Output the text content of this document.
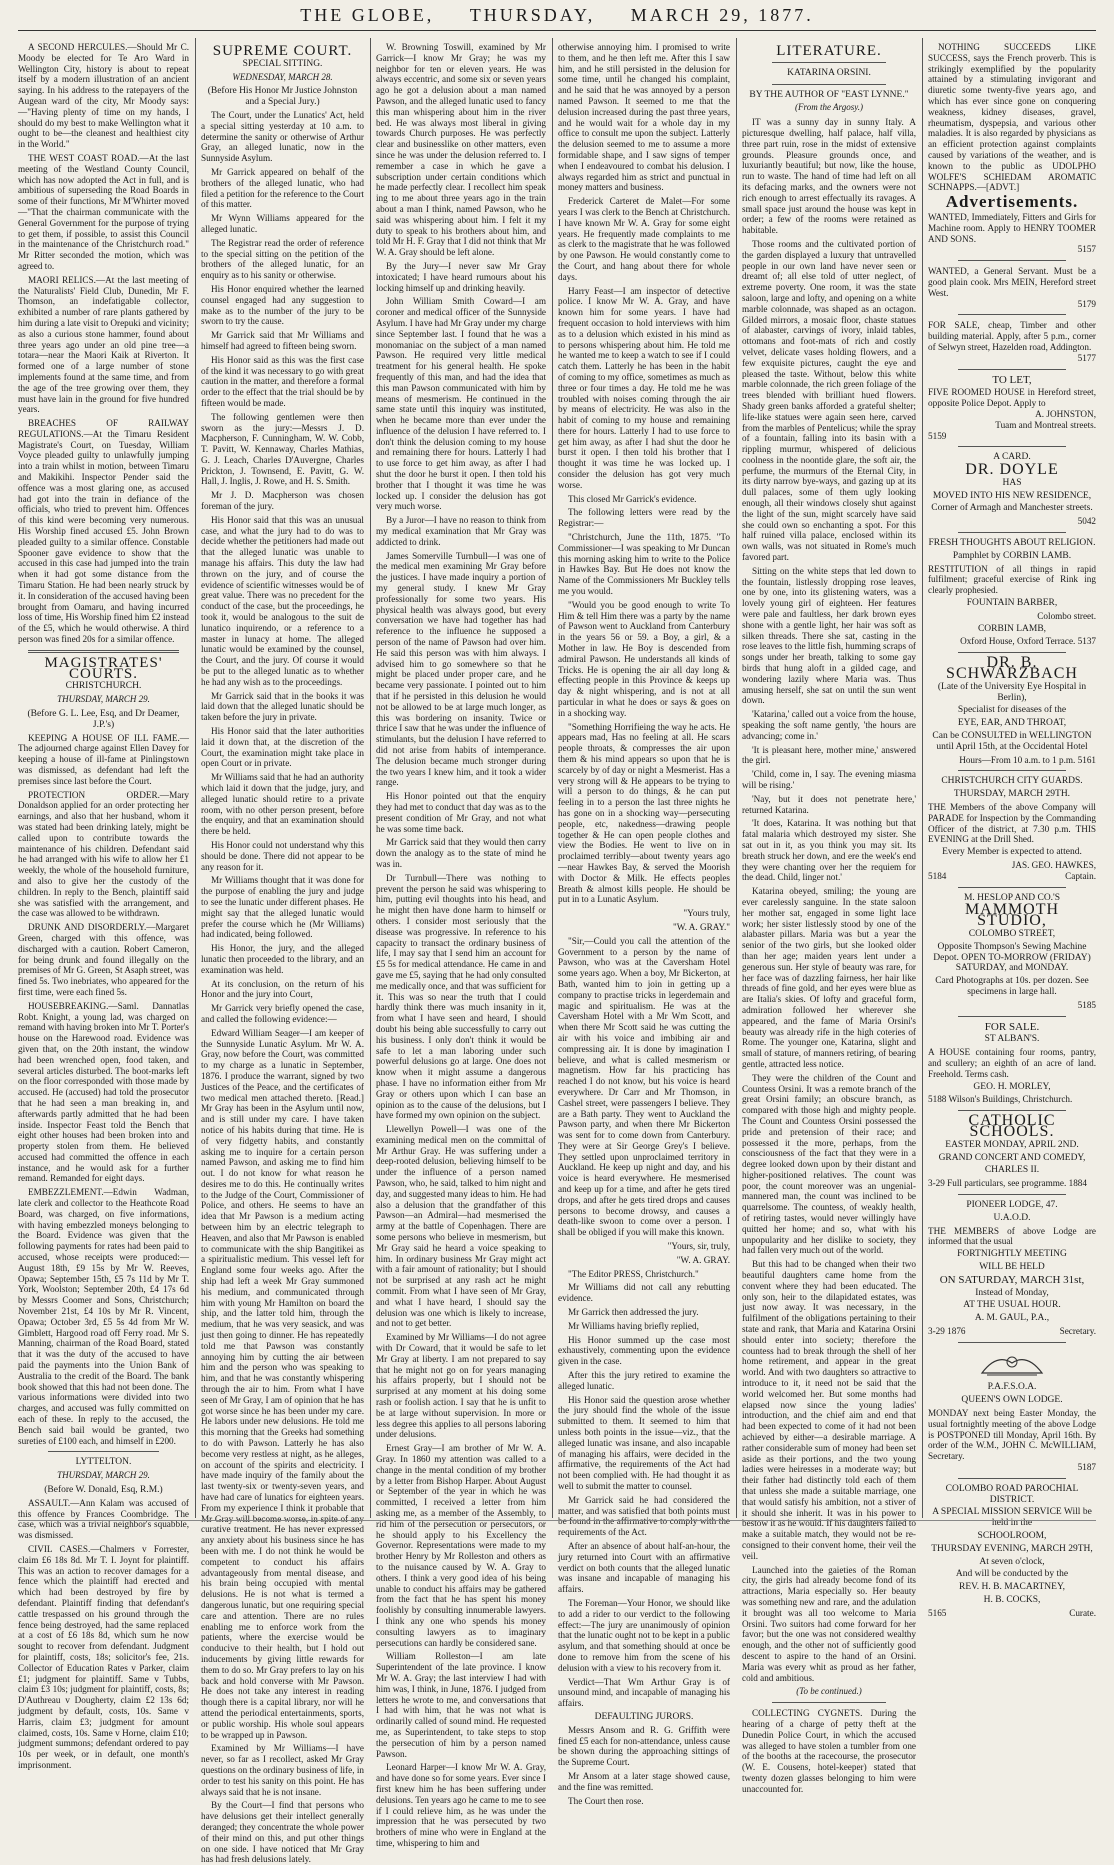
THE GLOBE, THURSDAY, MARCH 29, 1877.

A SECOND HERCULES.—Should Mr C. Moody be elected for Te Aro Ward in Wellington City, history is about to repeat itself by a modern illustration of an ancient saying. In his address to the ratepayers of the Augean ward of the city, Mr Moody says:—"Having plenty of time on my hands, I should do my best to make Wellington what it ought to be—the cleanest and healthiest city in the World."

THE WEST COAST ROAD.—At the last meeting of the Westland County Council, which has now adopted the Act in full, and is ambitious of superseding the Road Boards in some of their functions, Mr M'Whirter moved—"That the chairman communicate with the General Government for the purpose of trying to get them, if possible, to assist this Council in the maintenance of the Christchurch road." Mr Ritter seconded the motion, which was agreed to.

MAORI RELICS.—At the last meeting of the Naturalists' Field Club, Dunedin, Mr F. Thomson, an indefatigable collector, exhibited a number of rare plants gathered by him during a late visit to Orepuki and vicinity; as also a curious stone hammer, found about three years ago under an old pine tree—a totara—near the Maori Kaik at Riverton. It formed one of a large number of stone implements found at the same time, and from the age of the tree growing over them, they must have lain in the ground for five hundred years.

BREACHES OF RAILWAY REGULATIONS.—At the Timaru Resident Magistrate's Court, on Tuesday, William Voyce pleaded guilty to unlawfully jumping into a train whilst in motion, between Timaru and Makikihi. Inspector Pender said the offence was a most glaring one, as accused had got into the train in defiance of the officials, who tried to prevent him. Offences of this kind were becoming very numerous. His Worship fined accused £5. John Brown pleaded guilty to a similar offence. Constable Spooner gave evidence to show that the accused in this case had jumped into the train when it had got some distance from the Timaru Station. He had been nearly struck by it. In consideration of the accused having been brought from Oamaru, and having incurred loss of time, His Worship fined him £2 instead of the £5, which he would otherwise. A third person was fined 20s for a similar offence.

MAGISTRATES' COURTS.
CHRISTCHURCH.
THURSDAY, MARCH 29.
(Before G. L. Lee, Esq, and Dr Deamer, J.P.'s)

KEEPING A HOUSE OF ILL FAME.—The adjourned charge against Ellen Davey for keeping a house of ill-fame at Pinlingstown was dismissed, as defendant had left the premises since last before the Court.

PROTECTION ORDER.—Mary Donaldson applied for an order protecting her earnings, and also that her husband, whom it was stated had been drinking lately, might be called upon to contribute towards the maintenance of his children. Defendant said he had arranged with his wife to allow her £1 weekly, the whole of the household furniture, and also to give her the custody of the children. In reply to the Bench, plaintiff said she was satisfied with the arrangement, and the case was allowed to be withdrawn.

DRUNK AND DISORDERLY.—Margaret Green, charged with this offence, was discharged with a caution. Robert Cameron, for being drunk and found illegally on the premises of Mr G. Green, St Asaph street, was fined 5s. Two inebriates, who appeared for the first time, were each fined 5s.

HOUSEBREAKING.—Saml. Dannatlas Robt. Knight, a young lad, was charged on remand with having broken into Mr T. Porter's house on the Harewood road. Evidence was given that, on the 20th instant, the window had been wrenched open, food taken, and several articles disturbed. The boot-marks left on the floor corresponded with those made by accused. He (accused) had told the prosecutor that he had seen a man breaking in, and afterwards partly admitted that he had been inside. Inspector Feast told the Bench that eight other houses had been broken into and property stolen from them. He believed accused had committed the offence in each instance, and he would ask for a further remand. Remanded for eight days.

EMBEZZLEMENT.—Edwin Wadman, late clerk and collector to the Heathcote Road Board, was charged, on five informations, with having embezzled moneys belonging to the Board. Evidence was given that the following payments for rates had been paid to accused, whose receipts were produced:—August 18th, £9 15s by Mr W. Reeves, Opawa; September 15th, £5 7s 11d by Mr T. York, Woolston; September 20th, £4 17s 6d by Messrs Coomer and Sons, Christchurch; November 21st, £4 10s by Mr R. Vincent, Opawa; October 3rd, £5 5s 4d from Mr W. Gimblett, Hargood road off Ferry road. Mr S. Manning, chairman of the Road Board, stated that it was the duty of the accused to have paid the payments into the Union Bank of Australia to the credit of the Board. The bank book showed that this had not been done. The various informations were divided into two charges, and accused was fully committed on each of these. In reply to the accused, the Bench said bail would be granted, two sureties of £100 each, and himself in £200.

LYTTELTON.
THURSDAY, MARCH 29.
(Before W. Donald, Esq, R.M.)

ASSAULT.—Ann Kalam was accused of this offence by Frances Coombridge. The case, which was a trivial neighbor's squabble, was dismissed.

CIVIL CASES.—Chalmers v Forrester, claim £6 18s 8d. Mr T. I. Joynt for plaintiff. This was an action to recover damages for a fence which the plaintiff had erected and which had been destroyed by fire by defendant. Plaintiff finding that defendant's cattle trespassed on his ground through the fence being destroyed, had the same replaced at a cost of £6 18s 8d, which sum he now sought to recover from defendant. Judgment for plaintiff, costs, 18s; solicitor's fee, 21s. Collector of Education Rates v Parker, claim £1; judgment for plaintiff. Same v Tubbs, claim £3 10s; judgment for plaintiff, costs, 8s; D'Authreau v Dougherty, claim £2 13s 6d; judgment by default, costs, 10s. Same v Harris, claim £3; judgment for amount claimed, costs, 10s. Same v Horne, claim £10; judgment summons; defendant ordered to pay 10s per week, or in default, one month's imprisonment.

SUPREME COURT.
SPECIAL SITTING.
WEDNESDAY, MARCH 28.
(Before His Honor Mr Justice Johnston and a Special Jury.)

The Court, under the Lunatics' Act, held a special sitting yesterday at 10 a.m. to determine the sanity or otherwise of Arthur Gray, an alleged lunatic, now in the Sunnyside Asylum.

Mr Garrick appeared on behalf of the brothers of the alleged lunatic, who had filed a petition for the reference to the Court of this matter.

Mr Wynn Williams appeared for the alleged lunatic.

The Registrar read the order of reference to the special sitting on the petition of the brothers of the alleged lunatic, for an enquiry as to his sanity or otherwise.

His Honor enquired whether the learned counsel engaged had any suggestion to make as to the number of the jury to be sworn to try the cause.

Mr Garrick said that Mr Williams and himself had agreed to fifteen being sworn.

His Honor said as this was the first case of the kind it was necessary to go with great caution in the matter, and therefore a formal order to the effect that the trial should be by fifteen would be made.

The following gentlemen were then sworn as the jury:—Messrs J. D. Macpherson, F. Cunningham, W. W. Cobb, T. Pavitt, W. Kennaway, Charles Mathias, G. J. Leach, Charles D'Auvergne, Charles Prickton, J. Townsend, E. Pavitt, G. W. Hall, J. Inglis, J. Rowe, and H. S. Smith.

Mr J. D. Macpherson was chosen foreman of the jury.

His Honor said that this was an unusual case, and what the jury had to do was to decide whether the petitioners had made out that the alleged lunatic was unable to manage his affairs. This duty the law had thrown on the jury, and of course the evidence of scientific witnesses would be of great value. There was no precedent for the conduct of the case, but the proceedings, he took it, would be analogous to the suit de lunatico inquirendo, or a reference to a master in lunacy at home. The alleged lunatic would be examined by the counsel, the Court, and the jury. Of course it would be put to the alleged lunatic as to whether he had any wish as to the proceedings.

Mr Garrick said that in the books it was laid down that the alleged lunatic should be taken before the jury in private.

His Honor said that the later authorities laid it down that, at the discretion of the Court, the examination might take place in open Court or in private.

Mr Williams said that he had an authority which laid it down that the judge, jury, and alleged lunatic should retire to a private room, with no other person present, before the enquiry, and that an examination should there be held.

His Honor could not understand why this should be done. There did not appear to be any reason for it.

Mr Williams thought that it was done for the purpose of enabling the jury and judge to see the lunatic under different phases. He might say that the alleged lunatic would prefer the course which he (Mr Williams) had indicated, being followed.

His Honor, the jury, and the alleged lunatic then proceeded to the library, and an examination was held.

At its conclusion, on the return of his Honor and the jury into Court,

Mr Garrick very briefly opened the case, and called the following evidence:—

Edward William Seager—I am keeper of the Sunnyside Lunatic Asylum. Mr W. A. Gray, now before the Court, was committed to my charge as a lunatic in September, 1876. I produce the warrant, signed by two Justices of the Peace, and the certificates of two medical men attached thereto. [Read.] Mr Gray has been in the Asylum until now, and is still under my care. I have taken notice of his habits during that time. He is of very fidgetty habits, and constantly asking me to inquire for a certain person named Pawson, and asking me to find him out. I do not know for what reason he desires me to do this. He continually writes to the Judge of the Court, Commissioner of Police, and others. He seems to have an idea that Mr Pawson is a medium acting between him by an electric telegraph to Heaven, and also that Mr Pawson is enabled to communicate with the ship Bangitikei as a spiritualistic medium. This vessel left for England some four weeks ago. After the ship had left a week Mr Gray summoned his medium, and communicated through him with young Mr Hamilton on board the ship, and the latter told him, through the medium, that he was very seasick, and was just then going to dinner. He has repeatedly told me that Pawson was constantly annoying him by cutting the air between him and the person who was speaking to him, and that he was constantly whispering through the air to him. From what I have seen of Mr Gray, I am of opinion that he has got worse since he has been under my care. He labors under new delusions. He told me this morning that the Greeks had something to do with Pawson. Latterly he has also become very restless at night, as he alleges, on account of the spirits and electricity. I have made inquiry of the family about the last twenty-six or twenty-seven years, and have had care of lunatics for eighteen years. From my experience I think it probable that Mr Gray will become worse, in spite of any curative treatment. He has never expressed any anxiety about his business since he has been with me. I do not think he would be competent to conduct his affairs advantageously from mental disease, and his brain being occupied with mental delusions. He is not what is termed a dangerous lunatic, but one requiring special care and attention. There are no rules enabling me to enforce work from the patients, where the exercise would be conducive to their health, but I hold out inducements by giving little rewards for them to do so. Mr Gray prefers to lay on his back and hold converse with Mr Pawson. He does not take any interest in reading though there is a capital library, nor will he attend the periodical entertainments, sports, or public worship. His whole soul appears to be wrapped up in Pawson.

Examined by Mr Williams—I have never, so far as I recollect, asked Mr Gray questions on the ordinary business of life, in order to test his sanity on this point. He has always said that he is not insane.

By the Court—I find that persons who have delusions get their intellect generally deranged; they concentrate the whole power of their mind on this, and put other things on one side. I have noticed that Mr Gray has had fresh delusions lately.

W. Browning Toswill, examined by Mr Garrick—I know Mr Gray; he was my neighbor for ten or eleven years. He was always eccentric, and some six or seven years ago he got a delusion about a man named Pawson, and the alleged lunatic used to fancy this man whispering about him in the river bed. He was always most liberal in giving towards Church purposes. He was perfectly clear and businesslike on other matters, even since he was under the delusion referred to. I remember a case in which he gave a subscription under certain conditions which he made perfectly clear. I recollect him speak ing to me about three years ago in the train about a man I think, named Pawson, who he said was whispering about him. I felt it my duty to speak to his brothers about him, and told Mr H. F. Gray that I did not think that Mr W. A. Gray should be left alone.

By the Jury—I never saw Mr Gray intoxicated; I have heard rumours about his locking himself up and drinking heavily.

John William Smith Coward—I am coroner and medical officer of the Sunnyside Asylum. I have had Mr Gray under my charge since September last. I found that he was a monomaniac on the subject of a man named Pawson. He required very little medical treatment for his general health. He spoke frequently of this man, and had the idea that this man Pawson communicated with him by means of mesmerism. He continued in the same state until this inquiry was instituted, when he became more than ever under the influence of the delusion I have referred to. I don't think the delusion coming to my house and remaining there for hours. Latterly I had to use force to get him away, as after I had shut the door he burst it open. I then told his brother that I thought it was time he was locked up. I consider the delusion has got very much worse.

By a Juror—I have no reason to think from my medical examination that Mr Gray was addicted to drink.

James Somerville Turnbull—I was one of the medical men examining Mr Gray before the justices. I have made inquiry a portion of my general study. I knew Mr Gray professionally for some two years. His physical health was always good, but every conversation we have had together has had reference to the influence he supposed a person of the name of Pawson had over him. He said this person was with him always. I advised him to go somewhere so that he might be placed under proper care, and he became very passionate. I pointed out to him that if he persisted in this delusion he would not be allowed to be at large much longer, as this was bordering on insanity. Twice or thrice I saw that he was under the influence of stimulants, but the delusion I have referred to did not arise from habits of intemperance. The delusion became much stronger during the two years I knew him, and it took a wider range.

His Honor pointed out that the enquiry they had met to conduct that day was as to the present condition of Mr Gray, and not what he was some time back.

Mr Garrick said that they would then carry down the analogy as to the state of mind he was in.

Dr Turnbull—There was nothing to prevent the person he said was whispering to him, putting evil thoughts into his head, and he might then have done harm to himself or others. I consider most seriously that the disease was progressive. In reference to his capacity to transact the ordinary business of life, I may say that I send him an account for £5 5s for medical attendance. He came in and gave me £5, saying that he had only consulted me medically once, and that was sufficient for it. This was so near the truth that I could hardly think there was much insanity in it, from what I have seen and heard, I should doubt his being able successfully to carry out his business. I only don't think it would be safe to let a man laboring under such powerful delusions go at large. One does not know when it might assume a dangerous phase. I have no information either from Mr Gray or others upon which I can base an opinion as to the cause of the delusions, but I have formed my own opinion on the subject.

Llewellyn Powell—I was one of the examining medical men on the committal of Mr Arthur Gray. He was suffering under a deep-rooted delusion, believing himself to be under the influence of a person named Pawson, who, he said, talked to him night and day, and suggested many ideas to him. He had also a delusion that the grandfather of this Pawson—an Admiral—had mesmerised the army at the battle of Copenhagen. There are some persons who believe in mesmerism, but Mr Gray said he heard a voice speaking to him. In ordinary business Mr Gray might act with a fair amount of rationality; but I should not be surprised at any rash act he might commit. From what I have seen of Mr Gray, and what I have heard, I should say the delusion was one which is likely to increase, and not to get better.

Examined by Mr Williams—I do not agree with Dr Coward, that it would be safe to let Mr Gray at liberty. I am not prepared to say that he might not go on for years managing his affairs properly, but I should not be surprised at any moment at his doing some rash or foolish action. I say that he is unfit to be at large without supervision. In more or less degree this applies to all persons laboring under delusions.

Ernest Gray—I am brother of Mr W. A. Gray. In 1860 my attention was called to a change in the mental condition of my brother by a letter from Bishop Harper. About August or September of the year in which he was committed, I received a letter from him asking me, as a member of the Assembly, to rid him of the persecution or persecutors, or he should apply to his Excellency the Governor. Representations were made to my brother Henry by Mr Rolleston and others as to the nuisance caused by W. A. Gray to others. I think a very good idea of his being unable to conduct his affairs may be gathered from the fact that he has spent his money foolishly by consulting innumerable lawyers. I think any one who spends his money consulting lawyers as to imaginary persecutions can hardly be considered sane.

William Rolleston—I am late Superintendent of the late province. I know Mr W. A. Gray; the last interview I had with him was, I think, in June, 1876. I judged from letters he wrote to me, and conversations that I had with him, that he was not what is ordinarily called of sound mind. He requested me, as Superintendent, to take steps to stop the persecution of him by a person named Pawson.

Leonard Harper—I know Mr W. A. Gray, and have done so for some years. Ever since I first knew him he has been suffering under delusions. Ten years ago he came to me to see if I could relieve him, as he was under the impression that he was persecuted by two brothers of mine who were in England at the time, whispering to him and

otherwise annoying him. I promised to write to them, and he then left me. After this I saw him, and he still persisted in the delusion for some time, until he changed his complaint, and he said that he was annoyed by a person named Pawson. It seemed to me that the delusion increased during the past three years, and he would wait for a whole day in my office to consult me upon the subject. Latterly the delusion seemed to me to assume a more formidable shape, and I saw signs of temper when I endeavoured to combat his delusion. I always regarded him as strict and punctual in money matters and business.

Frederick Carteret de Malet—For some years I was clerk to the Bench at Christchurch. I have known Mr W. A. Gray for some eight years. He frequently made complaints to me as clerk to the magistrate that he was followed by one Pawson. He would constantly come to the Court, and hang about there for whole days.

Harry Feast—I am inspector of detective police. I know Mr W. A. Gray, and have known him for some years. I have had frequent occasion to hold interviews with him as to a delusion which existed in his mind as to persons whispering about him. He told me he wanted me to keep a watch to see if I could catch them. Latterly he has been in the habit of coming to my office, sometimes as much as three or four times a day. He told me he was troubled with noises coming through the air by means of electricity. He was also in the habit of coming to my house and remaining there for hours. Latterly I had to use force to get him away, as after I had shut the door he burst it open. I then told his brother that I thought it was time he was locked up. I consider the delusion has got very much worse.

This closed Mr Garrick's evidence.

The following letters were read by the Registrar:—

"Christchurch, June the 11th, 1875. "To Commissioner—I was speaking to Mr Duncan this morning asking him to write to the Police in Hawkes Bay. But He does not know the Name of the Commissioners Mr Buckley tells me you would.

"Would you be good enough to write To Him & tell Him there was a party by the name of Pawson went to Auckland from Canterbury in the years 56 or 59. a Boy, a girl, & a Mother in law. He Boy is descended from admiral Pawson. He understands all kinds of Tricks. He is opening the air all day long & effecting people in this Province & keeps up day & night whispering, and is not at all particular in what he does or says & goes on in a shocking way.

"Something Horrifieing the way he acts. He appears mad, Has no feeling at all. He scars people throats, & compresses the air upon them & his mind appears so upon that he is scarcely by of day or night a Mesmerist. Has a very strong will & He appears to be trying to will a person to do things, & he can put feeling in to a person the last three nights he has gone on in a shocking way—persecuting people, etc, nakedness—drawing people together & He can open people clothes and view the Bodies. He went to live on in proclaimed terribly—about twenty years ago—near Hawkes Bay, & served the Moorish with Doctor & Milk. He effects peoples Breath & almost kills people. He should be put in to a Lunatic Asylum.

"Yours truly,

"W. A. GRAY."

"Sir,—Could you call the attention of the Government to a person by the name of Pawson, who was at the Caversham Hotel some years ago. When a boy, Mr Bickerton, at Bath, wanted him to join in getting up a company to practise tricks in legerdemain and magic and spiritualism. He was at the Caversham Hotel with a Mr Wm Scott, and when there Mr Scott said he was cutting the air with his voice and imbibing air and compressing air. It is done by imagination I believe, and what is called mesmerism or magnetism. How far his practicing has reached I do not know, but his voice is heard everywhere. Dr Carr and Mr Thomson, in Cashel street, were passengers I believe. They are a Bath party. They went to Auckland the Pawson party, and when there Mr Bickerton was sent for to come down from Canterbury. They were at Sir George Grey's I believe. They settled upon unproclaimed territory in Auckland. He keep up night and day, and his voice is heard everywhere. He mesmerised and keep up for a time, and after he gets tired drops, and after he gets tired drops and causes persons to become drowsy, and causes a death-like swoon to come over a person. I shall be obliged if you will make this known.

"Yours, sir, truly,

"W. A. GRAY.

"The Editor PRESS, Christchurch."

Mr Williams did not call any rebutting evidence.

Mr Garrick then addressed the jury.

Mr Williams having briefly replied,

His Honor summed up the case most exhaustively, commenting upon the evidence given in the case.

After this the jury retired to examine the alleged lunatic.

His Honor said the question arose whether the jury should find the whole of the issue submitted to them. It seemed to him that unless both points in the issue—viz., that the alleged lunatic was insane, and also incapable of managing his affairs, were decided in the affirmative, the requirements of the Act had not been complied with. He had thought it as well to submit the matter to counsel.

Mr Garrick said he had considered the matter, and was satisfied that both points must be found in the affirmative to comply with the requirements of the Act.

After an absence of about half-an-hour, the jury returned into Court with an affirmative verdict on both counts that the alleged lunatic was insane and incapable of managing his affairs.

The Foreman—Your Honor, we should like to add a rider to our verdict to the following effect:—The jury are unanimously of opinion that the lunatic ought not to be kept in a public asylum, and that something should at once be done to remove him from the scene of his delusion with a view to his recovery from it.

Verdict—That Wm Arthur Gray is of unsound mind, and incapable of managing his affairs.

DEFAULTING JURORS.

Messrs Ansom and R. G. Griffith were fined £5 each for non-attendance, unless cause be shown during the approaching sittings of the Supreme Court.

Mr Ansom at a later stage showed cause, and the fine was remitted.

The Court then rose.

LITERATURE.
KATARINA ORSINI.
BY THE AUTHOR OF "EAST LYNNE."
(From the Argosy.)

IT was a sunny day in sunny Italy. A picturesque dwelling, half palace, half villa, three part ruin, rose in the midst of extensive grounds. Pleasure grounds once, and luxuriantly beautiful; but now, like the house, run to waste. The hand of time had left on all its defacing marks, and the owners were not rich enough to arrest effectually its ravages. A small space just around the house was kept in order; a few of the rooms were retained as habitable.

Those rooms and the cultivated portion of the garden displayed a luxury that untravelled people in our own land have never seen or dreamt of; all else told of utter neglect, of extreme poverty. One room, it was the state saloon, large and lofty, and opening on a white marble colonnade, was shaped as an octagon. Gilded mirrors, a mosaic floor, chaste statues of alabaster, carvings of ivory, inlaid tables, ottomans and foot-mats of rich and costly velvet, delicate vases holding flowers, and a few exquisite pictures, caught the eye and pleased the taste. Without, below this white marble colonnade, the rich green foliage of the trees blended with brilliant hued flowers. Shady green banks afforded a grateful shelter; life-like statues were again seen here, carved from the marbles of Pentelicus; while the spray of a fountain, falling into its basin with a rippling murmur, whispered of delicious coolness in the noontide glare, the soft air, the perfume, the murmurs of the Eternal City, in its dirty narrow bye-ways, and gazing up at its dull palaces, some of them ugly looking enough, all their windows closely shut against the light of the sun, might scarcely have said she could own so enchanting a spot. For this half ruined villa palace, enclosed within its own walls, was not situated in Rome's much favored part.

Sitting on the white steps that led down to the fountain, listlessly dropping rose leaves, one by one, into its glistening waters, was a lovely young girl of eighteen. Her features were pale and faultless, her dark brown eyes shone with a gentle light, her hair was soft as silken threads. There she sat, casting in the rose leaves to the little fish, humming scraps of songs under her breath, talking to some gay birds that hung aloft in a gilded cage, and wondering lazily where Maria was. Thus amusing herself, she sat on until the sun went down.

'Katarina,' called out a voice from the house, speaking the soft name gently, 'the hours are advancing; come in.'

'It is pleasant here, mother mine,' answered the girl.

'Child, come in, I say. The evening miasma will be rising.'

'Nay, but it does not penetrate here,' returned Katarina.

'It does, Katarina. It was nothing but that fatal malaria which destroyed my sister. She sat out in it, as you think you may sit. Its breath struck her down, and ere the week's end they were chanting over her the requiem for the dead. Child, linger not.'

Katarina obeyed, smiling; the young are ever carelessly sanguine. In the state saloon her mother sat, engaged in some light lace work; her sister listlessly stood by one of the alabaster pillars. Maria was but a year the senior of the two girls, but she looked older than her age; maiden years lent under a generous sun. Her style of beauty was rare, for her face was of dazzling fairness, her hair like threads of fine gold, and her eyes were blue as are Italia's skies. Of lofty and graceful form, admiration followed her wherever she appeared, and the fame of Maria Orsini's beauty was already rife in the high coteries of Rome. The younger one, Katarina, slight and small of stature, of manners retiring, of bearing gentle, attracted less notice.

They were the children of the Count and Countess Orsini. It was a remote branch of the great Orsini family; an obscure branch, as compared with those high and mighty people. The Count and Countess Orsini possessed the pride and pretension of their race; and possessed it the more, perhaps, from the consciousness of the fact that they were in a degree looked down upon by their distant and higher-positioned relatives. The count was poor, the count moreover was an ungenial-mannered man, the count was inclined to be quarrelsome. The countess, of weakly health, of retiring tastes, would never willingly have quitted her home; and so, what with his unpopularity and her dislike to society, they had fallen very much out of the world.

But this had to be changed when their two beautiful daughters came home from the convent where they had been educated. The only son, heir to the dilapidated estates, was just now away. It was necessary, in the fulfilment of the obligations pertaining to their state and rank, that Maria and Katarina Orsini should enter into society; therefore the countess had to break through the shell of her home retirement, and appear in the great world. And with two daughters so attractive to introduce to it, it need not be said that the world welcomed her. But some months had elapsed now since the young ladies' introduction, and the chief aim and end that had been expected to come of it had not been achieved by either—a desirable marriage. A rather considerable sum of money had been set aside as their portions, and the two young ladies were heiresses in a moderate way; but their father had distinctly told each of them that unless she made a suitable marriage, one that would satisfy his ambition, not a stiver of it should she inherit. It was in his power to bestow it as he would. If his daughters failed to make a suitable match, they would not be re-consigned to their convent home, their veil the veil.

Launched into the gaieties of the Roman city, the girls had already become fond of its attractions, Maria especially so. Her beauty was something new and rare, and the adulation it brought was all too welcome to Maria Orsini. Two suitors had come forward for her favor; but the one was not considered wealthy enough, and the other not of sufficiently good descent to aspire to the hand of an Orsini. Maria was every whit as proud as her father, cold and ambitious.

(To be continued.)

COLLECTING CYGNETS. During the hearing of a charge of petty theft at the Dunedin Police Court, in which the accused was alleged to have stolen a tumbler from one of the booths at the racecourse, the prosecutor (W. E. Cousens, hotel-keeper) stated that twenty dozen glasses belonging to him were unaccounted for.

NOTHING SUCCEEDS LIKE SUCCESS, says the French proverb. This is strikingly exemplified by the popularity attained by a stimulating invigorant and diuretic some twenty-five years ago, and which has ever since gone on conquering weakness, kidney diseases, gravel, rheumatism, dyspepsia, and various other maladies. It is also regarded by physicians as an efficient protection against complaints caused by variations of the weather, and is known to the public as UDOLPHO WOLFE'S SCHIEDAM AROMATIC SCHNAPPS.—[ADVT.]

Advertisements.
WANTED, Immediately, Fitters and Girls for Machine room. Apply to HENRY TOOMER AND SONS.
5157
WANTED, a General Servant. Must be a good plain cook. Mrs MEIN, Hereford street West.
5179
FOR SALE, cheap, Timber and other building material. Apply, after 5 p.m., corner of Selwyn street, Hazelden road, Addington.
5177
TO LET,
FIVE ROOMED HOUSE in Hereford street, opposite Police Depot. Apply to
A. JOHNSTON,
Tuam and Montreal streets.
5159
A CARD.
DR. DOYLE
HAS
MOVED INTO HIS NEW RESIDENCE,
Corner of Armagh and Manchester streets.
5042
FRESH THOUGHTS ABOUT RELIGION.
Pamphlet by CORBIN LAMB.
RESTITUTION of all things in rapid fulfilment; graceful exercise of Rink ing clearly prophesied.
FOUNTAIN BARBER,
Colombo street.
CORBIN LAMB,
Oxford House, Oxford Terrace. 5137
DR. B. SCHWARZBACH
(Late of the University Eye Hospital in Berlin),
Specialist for diseases of the
EYE, EAR, AND THROAT,
Can be CONSULTED in WELLINGTON until April 15th, at the Occidental Hotel
Hours—From 10 a.m. to 1 p.m. 5161
CHRISTCHURCH CITY GUARDS.
THURSDAY, MARCH 29TH.
THE Members of the above Company will PARADE for Inspection by the Commanding Officer of the district, at 7.30 p.m. THIS EVENING at the Drill Shed.
Every Member is expected to attend.
JAS. GEO. HAWKES,
5184	Captain.
M. HESLOP AND CO.'S
MAMMOTH STUDIO,
COLOMBO STREET,
Opposite Thompson's Sewing Machine Depot. OPEN TO-MORROW (FRIDAY) SATURDAY, and MONDAY.
Card Photographs at 10s. per dozen. See specimens in large hall.
5185
FOR SALE.
ST ALBAN'S.
A HOUSE containing four rooms, pantry, and scullery; an eighth of an acre of land. Freehold. Terms cash.
GEO. H. MORLEY,
5188 Wilson's Buildings, Christchurch.
CATHOLIC SCHOOLS.
EASTER MONDAY, APRIL 2ND.
GRAND CONCERT AND COMEDY,
CHARLES II.
3-29 Full particulars, see programme. 1884
PIONEER LODGE, 47.
U.A.O.D.
THE MEMBERS of above Lodge are informed that the usual
FORTNIGHTLY MEETING
WILL BE HELD
ON SATURDAY, MARCH 31st,
Instead of Monday,
AT THE USUAL HOUR.
A. M. GAUL, P.A.,
3-29 1876	Secretary.
P.A.F.S.O.A.
QUEEN'S OWN LODGE.
MONDAY next being Easter Monday, the usual fortnightly meeting of the above Lodge is POSTPONED till Monday, April 16th. By order of the W.M., JOHN C. McWILLIAM, Secretary.
5187
COLOMBO ROAD PAROCHIAL DISTRICT.
A SPECIAL MISSION SERVICE Will be held in the
SCHOOLROOM,
THURSDAY EVENING, MARCH 29TH,
At seven o'clock,
And will be conducted by the
REV. H. B. MACARTNEY,
H. B. COCKS,
5165	Curate.
